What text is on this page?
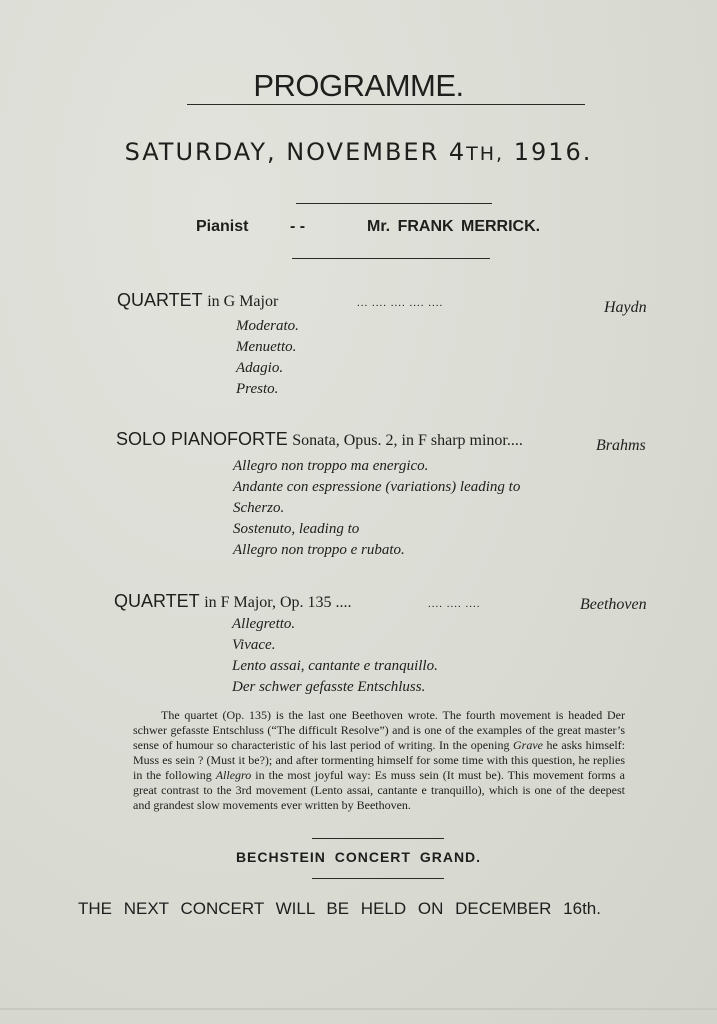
PROGRAMME.
SATURDAY, NOVEMBER 4TH, 1916.
Pianist	- -	Mr. FRANK MERRICK.
QUARTET in G Major	... .... .... .... ....	Haydn
Moderato.
Menuetto.
Adagio.
Presto.
SOLO PIANOFORTE Sonata, Opus. 2, in F sharp minor....	Brahms
Allegro non troppo ma energico.
Andante con espressione (variations) leading to
Scherzo.
Sostenuto, leading to
Allegro non troppo e rubato.
QUARTET in F Major, Op. 135 ....	.... .... ....	Beethoven
Allegretto.
Vivace.
Lento assai, cantante e tranquillo.
Der schwer gefasste Entschluss.
The quartet (Op. 135) is the last one Beethoven wrote. The fourth movement is headed Der schwer gefasste Entschluss (“The difficult Resolve”) and is one of the examples of the great master’s sense of humour so characteristic of his last period of writing. In the opening Grave he asks himself: Muss es sein ? (Must it be?); and after tormenting himself for some time with this question, he replies in the following Allegro in the most joyful way: Es muss sein (It must be). This movement forms a great contrast to the 3rd movement (Lento assai, cantante e tranquillo), which is one of the deepest and grandest slow movements ever written by Beethoven.
BECHSTEIN CONCERT GRAND.
THE NEXT CONCERT WILL BE HELD ON DECEMBER 16th.
